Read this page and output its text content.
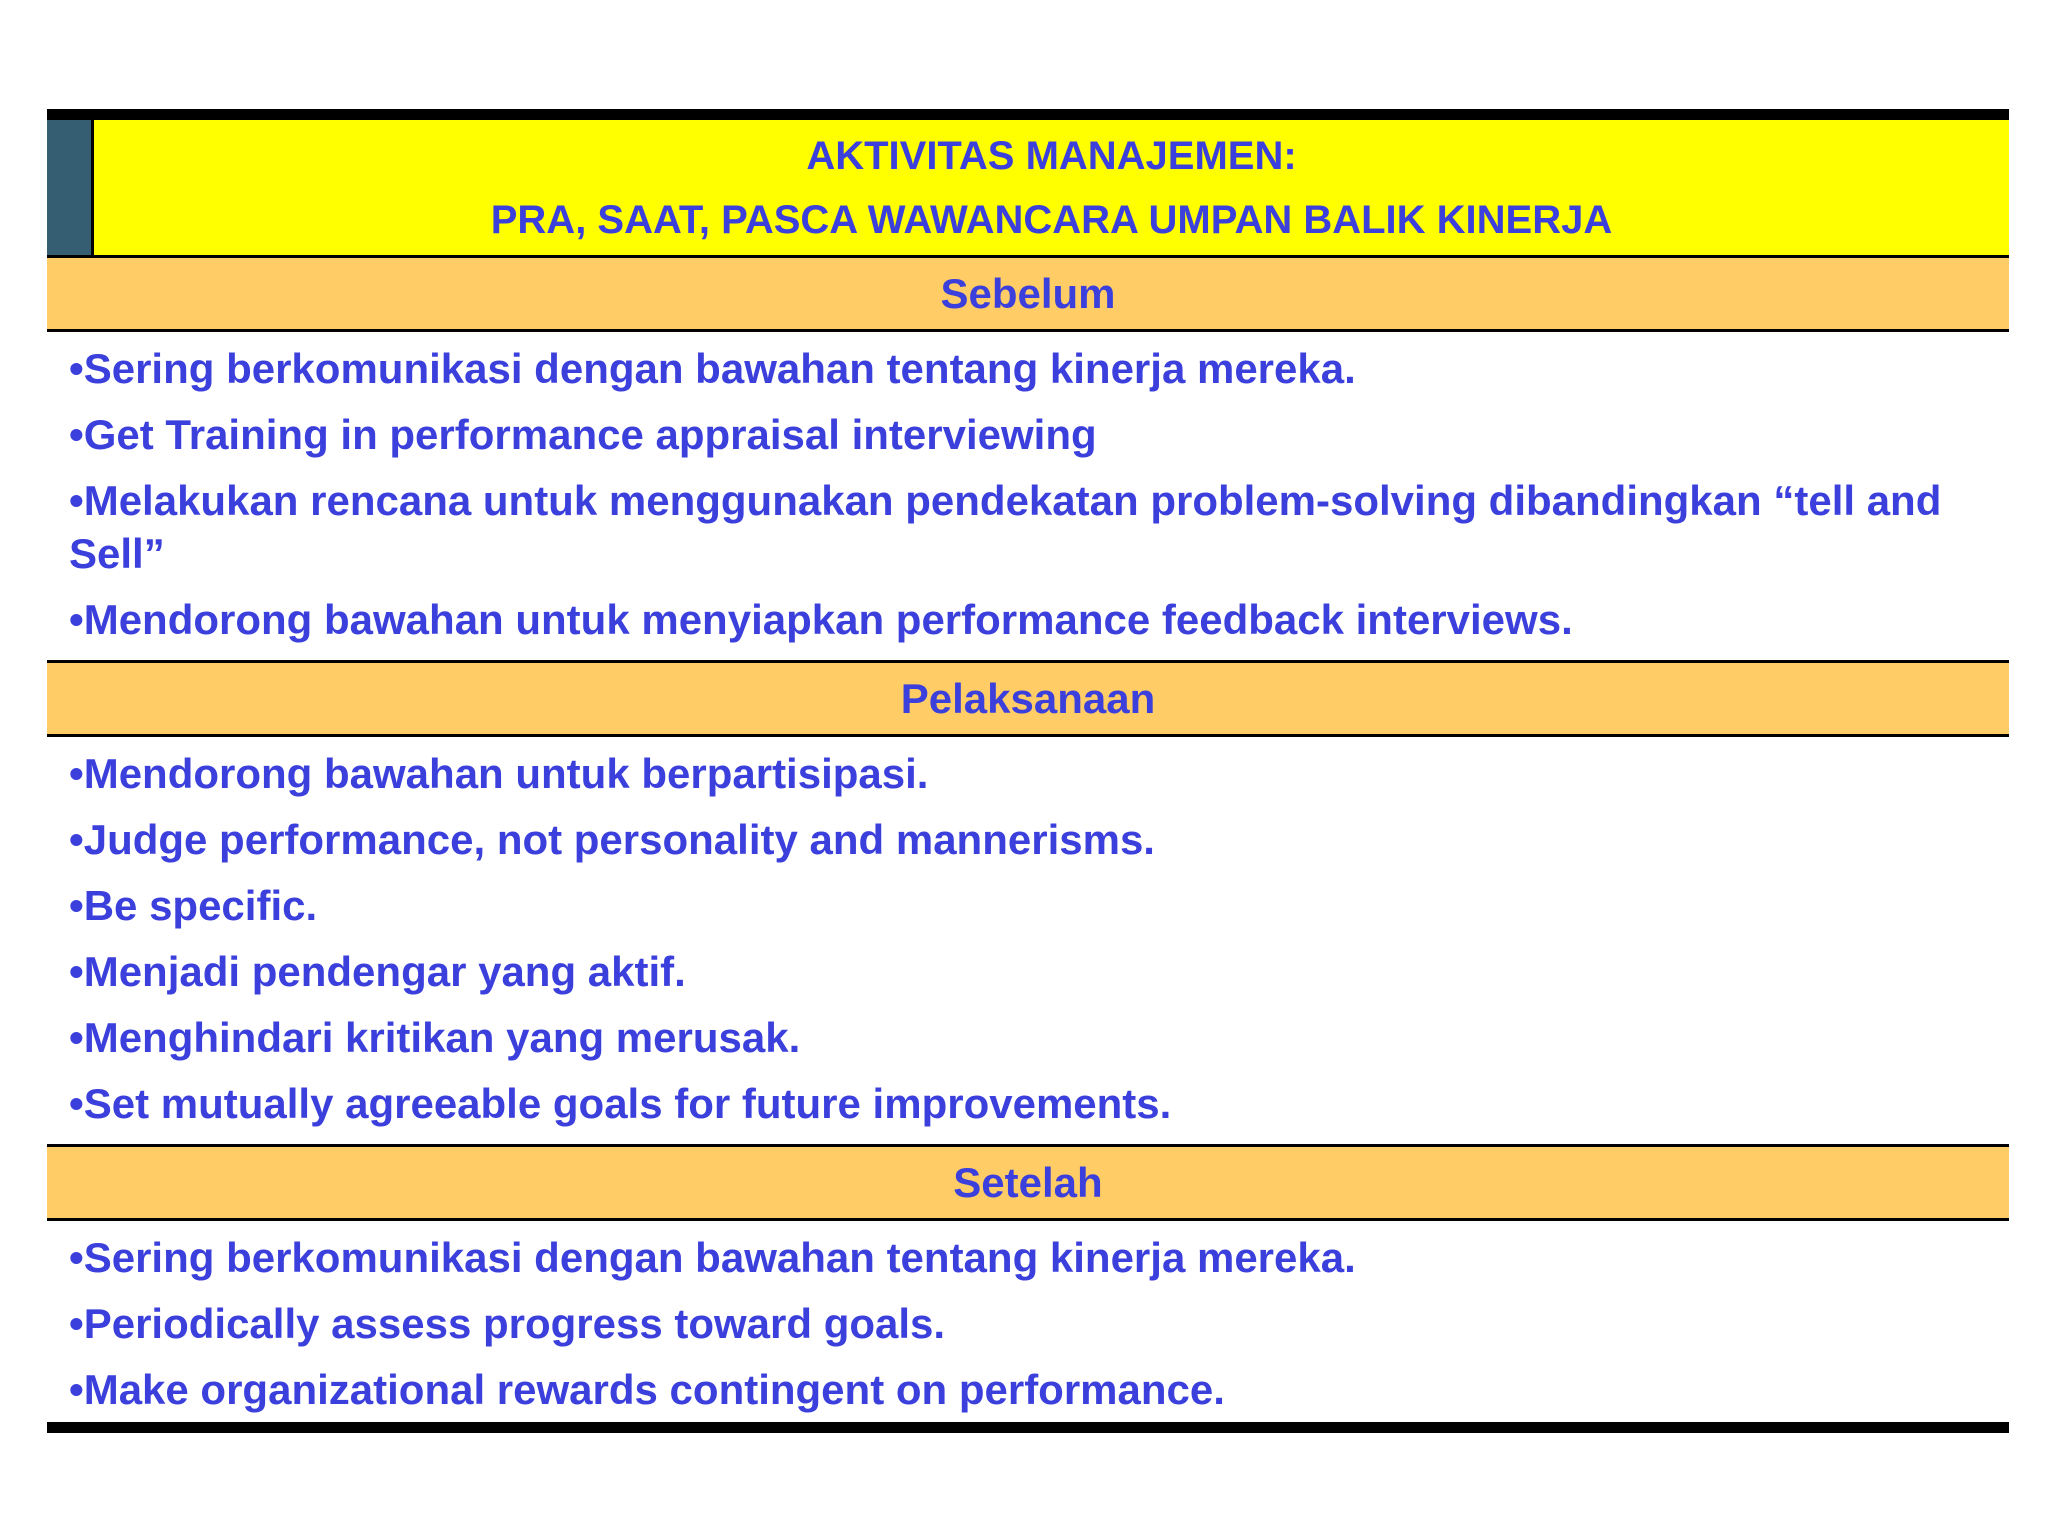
AKTIVITAS MANAJEMEN:
PRA, SAAT, PASCA WAWANCARA UMPAN BALIK KINERJA
Sebelum
•Sering berkomunikasi dengan bawahan tentang kinerja mereka.
•Get Training in performance appraisal interviewing
•Melakukan rencana untuk menggunakan pendekatan problem-solving dibandingkan “tell and Sell”
•Mendorong bawahan untuk menyiapkan performance feedback interviews.
Pelaksanaan
•Mendorong bawahan untuk berpartisipasi.
•Judge performance, not personality and mannerisms.
•Be specific.
•Menjadi pendengar yang aktif.
•Menghindari kritikan yang merusak.
•Set mutually agreeable goals for future improvements.
Setelah
•Sering berkomunikasi dengan bawahan tentang kinerja mereka.
•Periodically assess progress toward goals.
•Make organizational rewards contingent on performance.
